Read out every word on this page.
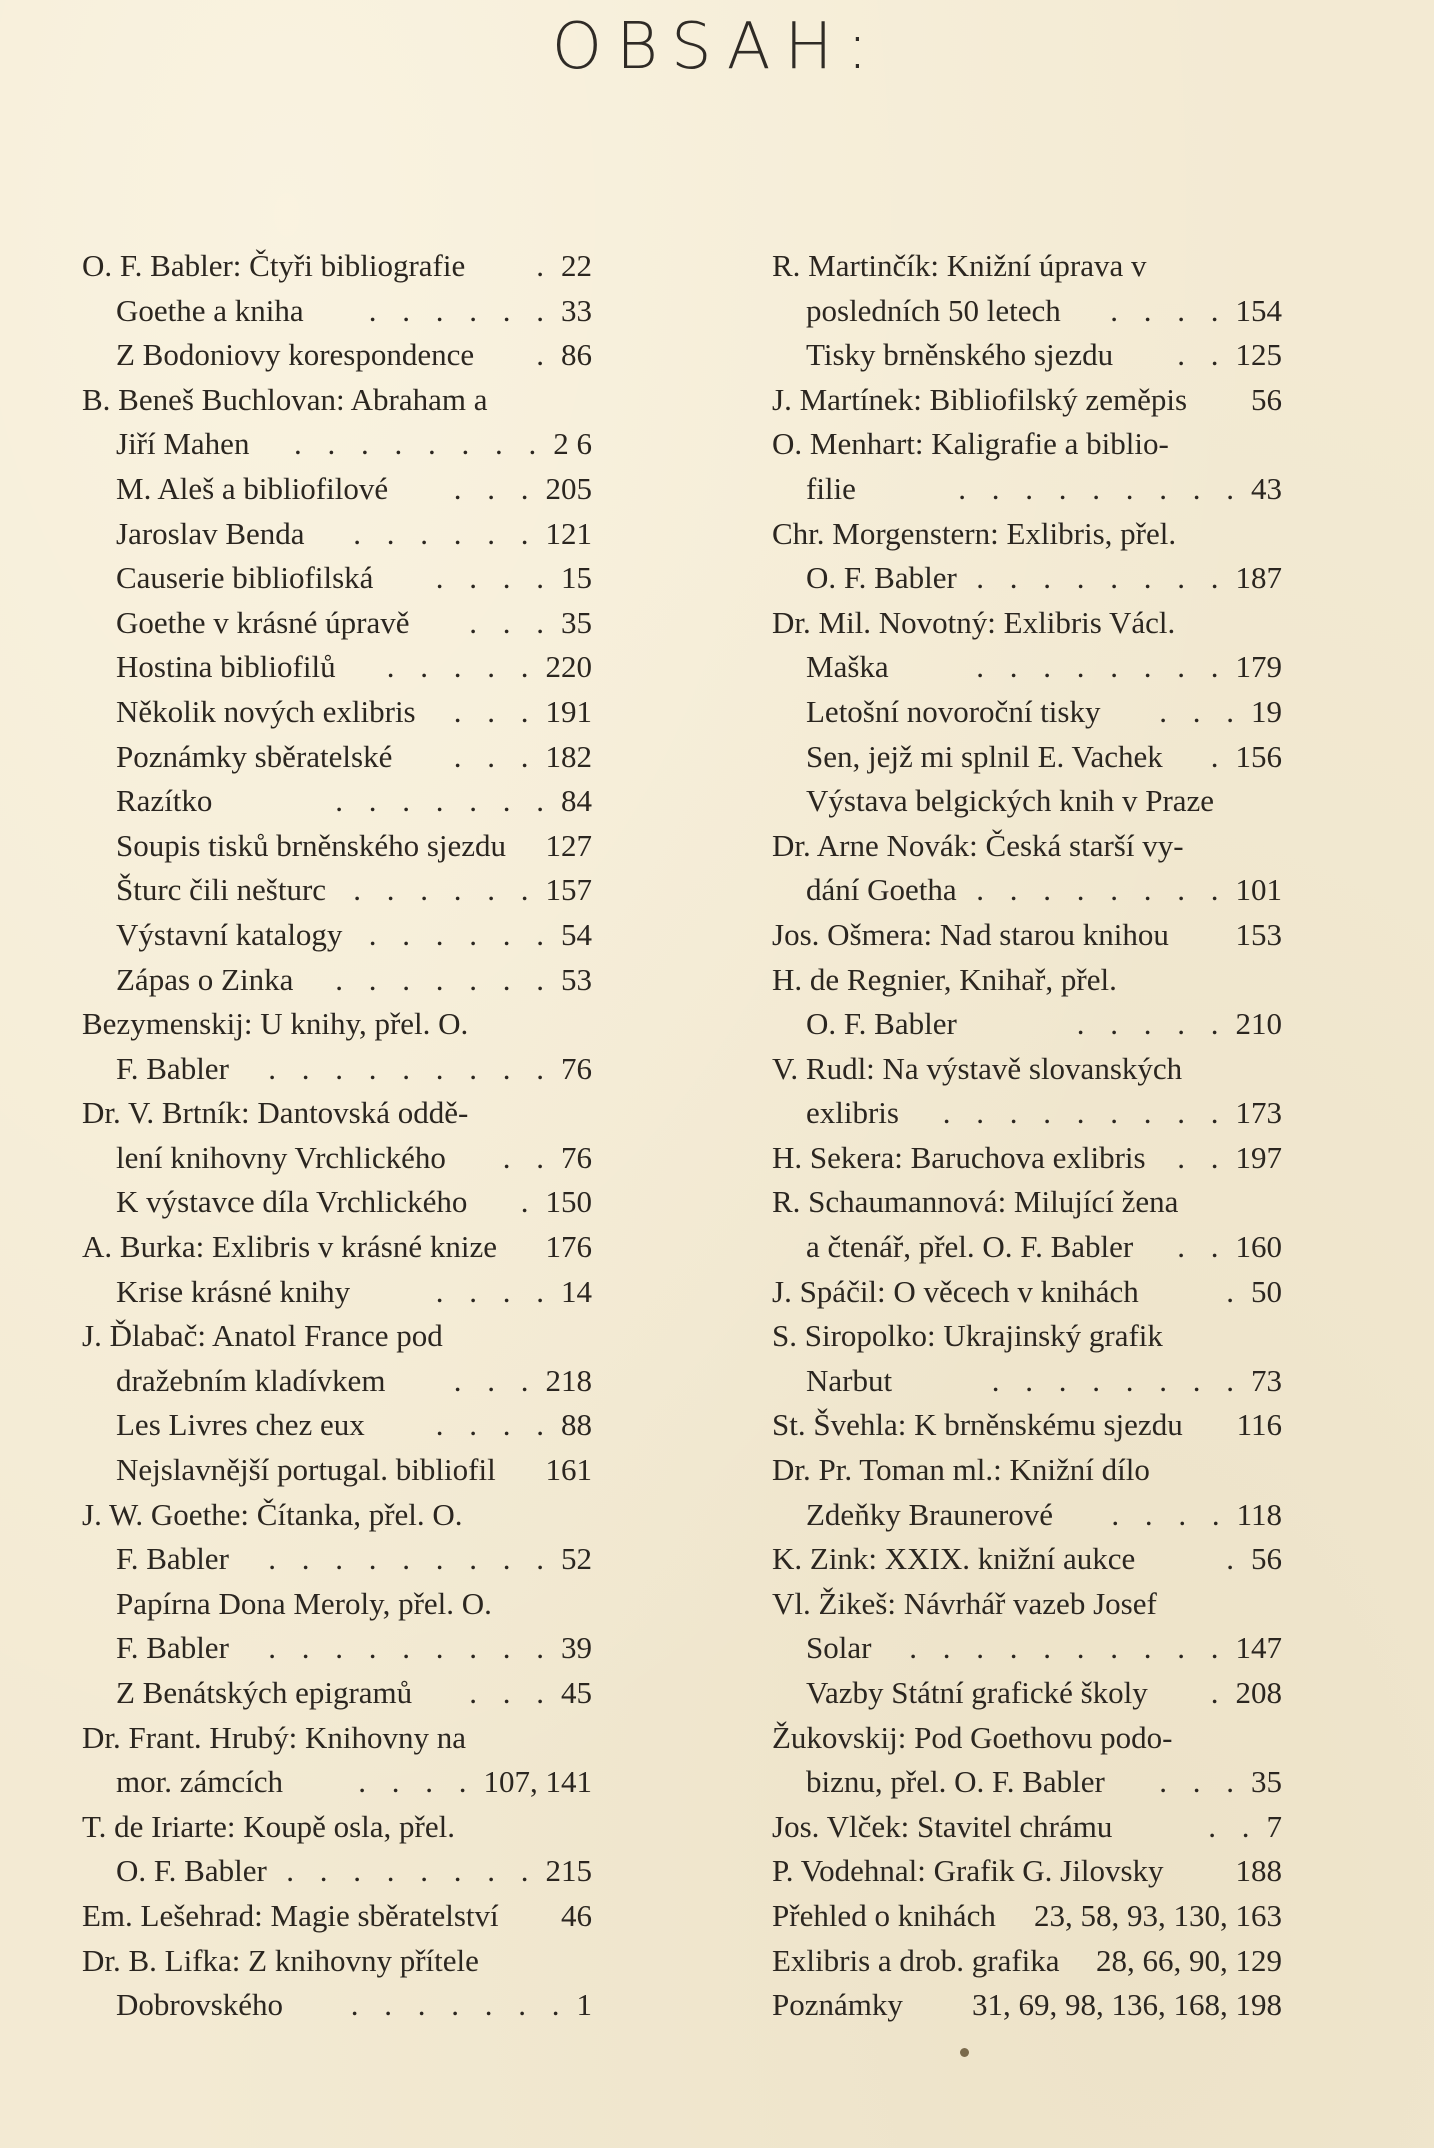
OBSAH:
O. F. Babler: Čtyři bibliografie	. 22
Goethe a kniha	. . . . . . 33
Z Bodoniovy korespondence	. 86
B. Beneš Buchlovan: Abraham a
Jiří Mahen	. . . . . . . . 2 6
M. Aleš a bibliofilové	. . . 205
Jaroslav Benda	. . . . . . 121
Causerie bibliofilská	. . . . 15
Goethe v krásné úpravě	. . . 35
Hostina bibliofilů	. . . . . 220
Několik nových exlibris	. . . 191
Poznámky sběratelské	. . . 182
Razítko	. . . . . . . 84
Soupis tisků brněnského sjezdu 127
Šturc čili nešturc . . . . . . 157
Výstavní katalogy . . . . . . 54
Zápas o Zinka	. . . . . . . 53
Bezymenskij: U knihy, přel. O.
F. Babler	. . . . . . . . . 76
Dr. V. Brtník: Dantovská oddě-
lení knihovny Vrchlického	. . 76
K výstavce díla Vrchlického	. 150
A. Burka: Exlibris v krásné knize 176
Krise krásné knihy	. . . . 14
J. Ďlabač: Anatol France pod
dražebním kladívkem	. . . 218
Les Livres chez eux	. . . . 88
Nejslavnější portugal. bibliofil 161
J. W. Goethe: Čítanka, přel. O.
F. Babler	. . . . . . . . . 52
Papírna Dona Meroly, přel. O.
F. Babler	. . . . . . . . . 39
Z Benátských epigramů	. . . 45
Dr. Frant. Hrubý: Knihovny na
mor. zámcích	. . . . 107, 141
T. de Iriarte: Koupě osla, přel.
O. F. Babler . . . . . . . . 215
Em. Lešehrad: Magie sběratelství 46
Dr. B. Lifka: Z knihovny přítele
Dobrovského	. . . . . . . 1
R. Martinčík: Knižní úprava v
posledních 50 letech	. . . . 154
Tisky brněnského sjezdu	. . 125
J. Martínek: Bibliofilský zeměpis 56
O. Menhart: Kaligrafie a biblio-
filie	. . . . . . . . . 43
Chr. Morgenstern: Exlibris, přel.
O. F. Babler . . . . . . . . 187
Dr. Mil. Novotný: Exlibris Václ.
Maška	. . . . . . . . 179
Letošní novoroční tisky	. . . 19
Sen, jejž mi splnil E. Vachek	. 156
Výstava belgických knih v Praze
Dr. Arne Novák: Česká starší vy-
dání Goetha . . . . . . . . 101
Jos. Ošmera: Nad starou knihou 153
H. de Regnier, Knihař, přel.
O. F. Babler	. . . . . 210
V. Rudl: Na výstavě slovanských
exlibris	. . . . . . . . . 173
H. Sekera: Baruchova exlibris	. . 197
R. Schaumannová: Milující žena
a čtenář, přel. O. F. Babler	. . 160
J. Spáčil: O věcech v knihách	. 50
S. Siropolko: Ukrajinský grafik
Narbut	. . . . . . . . 73
St. Švehla: K brněnskému sjezdu 116
Dr. Pr. Toman ml.: Knižní dílo
Zdeňky Braunerové	. . . . 118
K. Zink: XXIX. knižní aukce	. 56
Vl. Žikeš: Návrhář vazeb Josef
Solar	. . . . . . . . . . 147
Vazby Státní grafické školy	. 208
Žukovskij: Pod Goethovu podo-
biznu, přel. O. F. Babler	. . . 35
Jos. Vlček: Stavitel chrámu	. . 7
P. Vodehnal: Grafik G. Jilovsky 188
Přehled o knihách 23, 58, 93, 130, 163
Exlibris a drob. grafika 28, 66, 90, 129
Poznámky 31, 69, 98, 136, 168, 198
